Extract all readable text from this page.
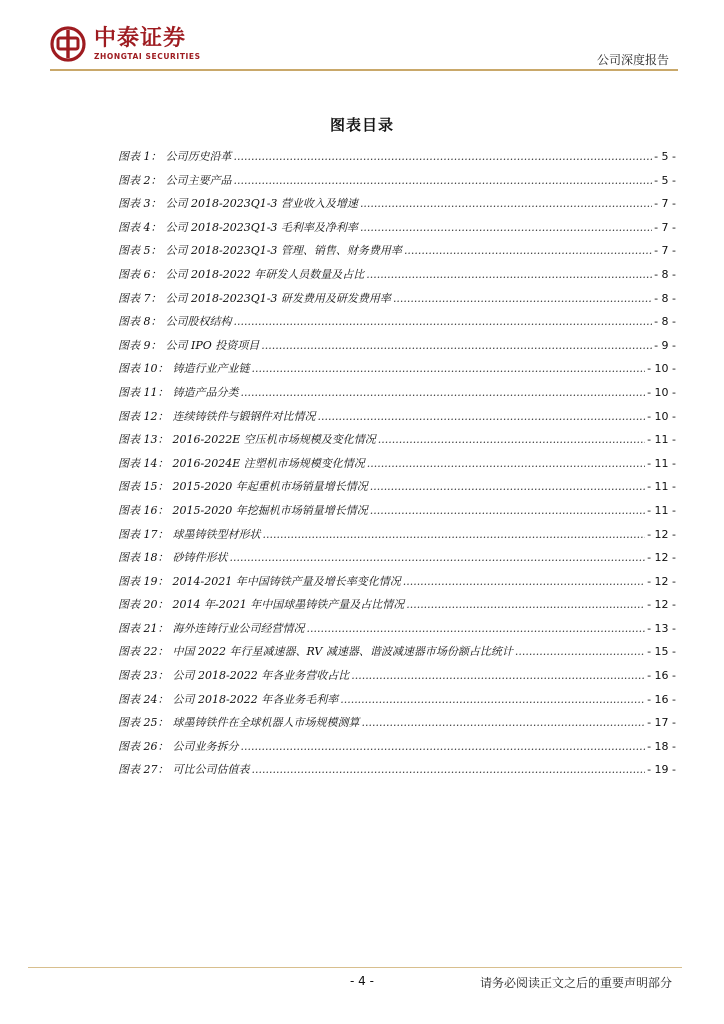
中泰证券
ZHONGTAI SECURITIES	公司深度报告
图表目录
图表 1： 公司历史沿革 .....	- 5 -
图表 2： 公司主要产品 .....	- 5 -
图表 3： 公司 2018-2023Q1-3 营业收入及增速 .....	- 7 -
图表 4： 公司 2018-2023Q1-3 毛利率及净利率 .....	- 7 -
图表 5： 公司 2018-2023Q1-3 管理、销售、财务费用率 .....	- 7 -
图表 6： 公司 2018-2022 年研发人员数量及占比 .....	- 8 -
图表 7： 公司 2018-2023Q1-3 研发费用及研发费用率 .....	- 8 -
图表 8： 公司股权结构 .....	- 8 -
图表 9： 公司 IPO 投资项目 .....	- 9 -
图表 10： 铸造行业产业链 .....	- 10 -
图表 11： 铸造产品分类 .....	- 10 -
图表 12： 连续铸铁件与锻钢件对比情况 .....	- 10 -
图表 13： 2016-2022E 空压机市场规模及变化情况 .....	- 11 -
图表 14： 2016-2024E 注塑机市场规模变化情况 .....	- 11 -
图表 15： 2015-2020 年起重机市场销量增长情况 .....	- 11 -
图表 16： 2015-2020 年挖掘机市场销量增长情况 .....	- 11 -
图表 17： 球墨铸铁型材形状 .....	- 12 -
图表 18： 砂铸件形状 .....	- 12 -
图表 19： 2014-2021 年中国铸铁产量及增长率变化情况 .....	- 12 -
图表 20： 2014 年-2021 年中国球墨铸铁产量及占比情况 .....	- 12 -
图表 21： 海外连铸行业公司经营情况 .....	- 13 -
图表 22： 中国 2022 年行星减速器、RV 减速器、谐波减速器市场份额占比统计 .....	- 15 -
图表 23： 公司 2018-2022 年各业务营收占比 .....	- 16 -
图表 24： 公司 2018-2022 年各业务毛利率 .....	- 16 -
图表 25： 球墨铸铁件在全球机器人市场规模测算 .....	- 17 -
图表 26： 公司业务拆分 .....	- 18 -
图表 27： 可比公司估值表 .....	- 19 -
- 4 -	请务必阅读正文之后的重要声明部分
